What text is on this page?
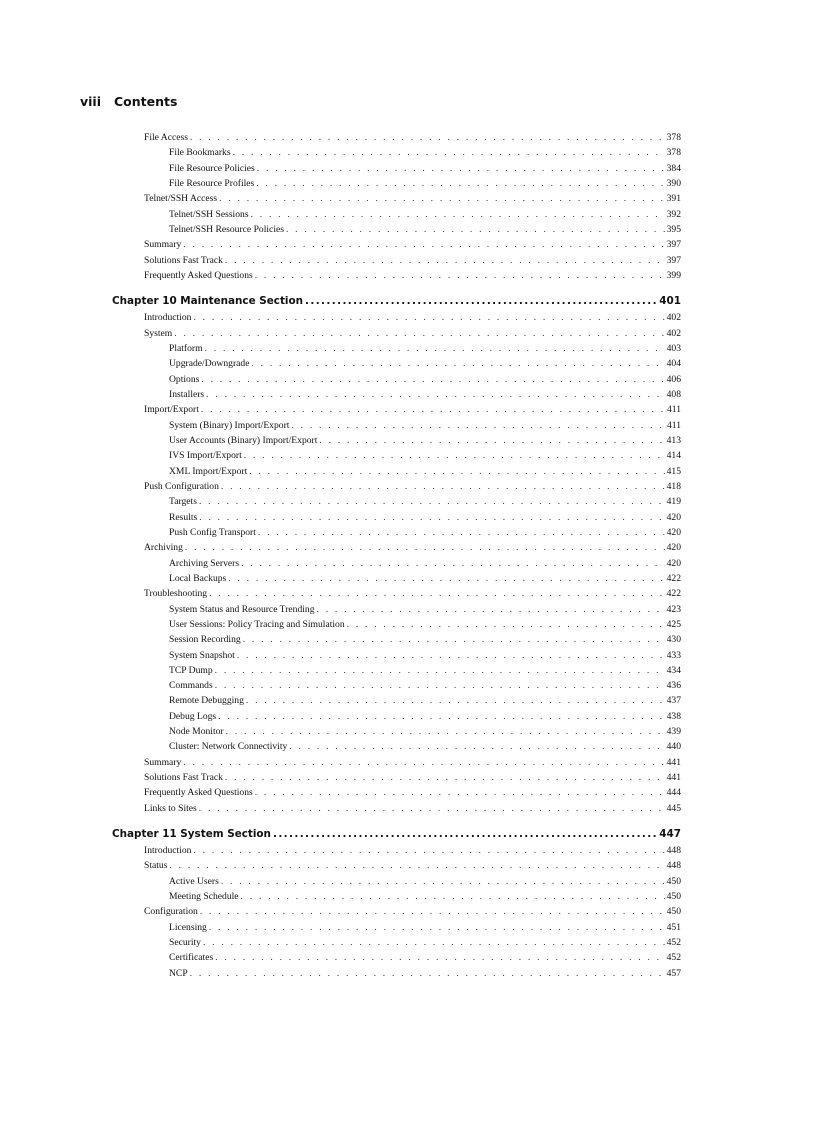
viii Contents
File Access . . .	378
File Bookmarks . . .	378
File Resource Policies . . .	384
File Resource Profiles . . .	390
Telnet/SSH Access . . .	391
Telnet/SSH Sessions . . .	392
Telnet/SSH Resource Policies . . .	395
Summary . . .	397
Solutions Fast Track . . .	397
Frequently Asked Questions . . .	399
Chapter 10 Maintenance Section .....	401
Introduction . . .	402
System . . .	402
Platform . . .	403
Upgrade/Downgrade . . .	404
Options . . .	406
Installers . . .	408
Import/Export . . .	411
System (Binary) Import/Export . . .	411
User Accounts (Binary) Import/Export . . .	413
IVS Import/Export . . .	414
XML Import/Export . . .	415
Push Configuration . . .	418
Targets . . .	419
Results . . .	420
Push Config Transport . . .	420
Archiving . . .	420
Archiving Servers . . .	420
Local Backups . . .	422
Troubleshooting . . .	422
System Status and Resource Trending . . .	423
User Sessions: Policy Tracing and Simulation . . .	425
Session Recording . . .	430
System Snapshot . . .	433
TCP Dump . . .	434
Commands . . .	436
Remote Debugging . . .	437
Debug Logs . . .	438
Node Monitor . . .	439
Cluster: Network Connectivity . . .	440
Summary . . .	441
Solutions Fast Track . . .	441
Frequently Asked Questions . . .	444
Links to Sites . . .	445
Chapter 11 System Section .....	447
Introduction . . .	448
Status . . .	448
Active Users . . .	450
Meeting Schedule . . .	450
Configuration . . .	450
Licensing . . .	451
Security . . .	452
Certificates . . .	452
NCP . . .	457
